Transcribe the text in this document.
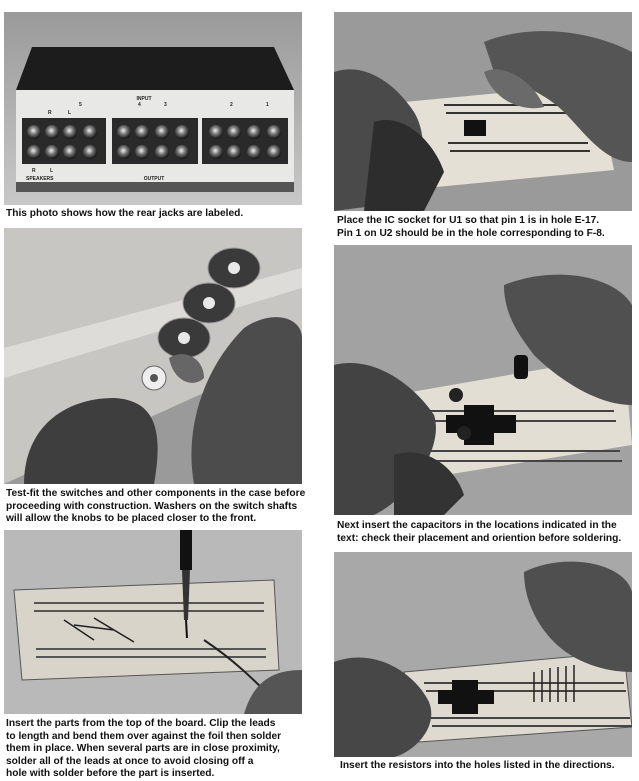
INPUT
5	4	3	2	1
R	L
R	L
SPEAKERS	OUTPUT

This photo shows how the rear jacks are labeled.

Place the IC socket for U1 so that pin 1 is in hole E-17.
Pin 1 on U2 should be in the hole corresponding to F-8.

Test-fit the switches and other components in the case before
proceeding with construction. Washers on the switch shafts
will allow the knobs to be placed closer to the front.

Next insert the capacitors in the locations indicated in the
text: check their placement and oriention before soldering.

Insert the parts from the top of the board. Clip the leads
to length and bend them over against the foil then solder
them in place. When several parts are in close proximity,
solder all of the leads at once to avoid closing off a
hole with solder before the part is inserted.

Insert the resistors into the holes listed in the directions.
